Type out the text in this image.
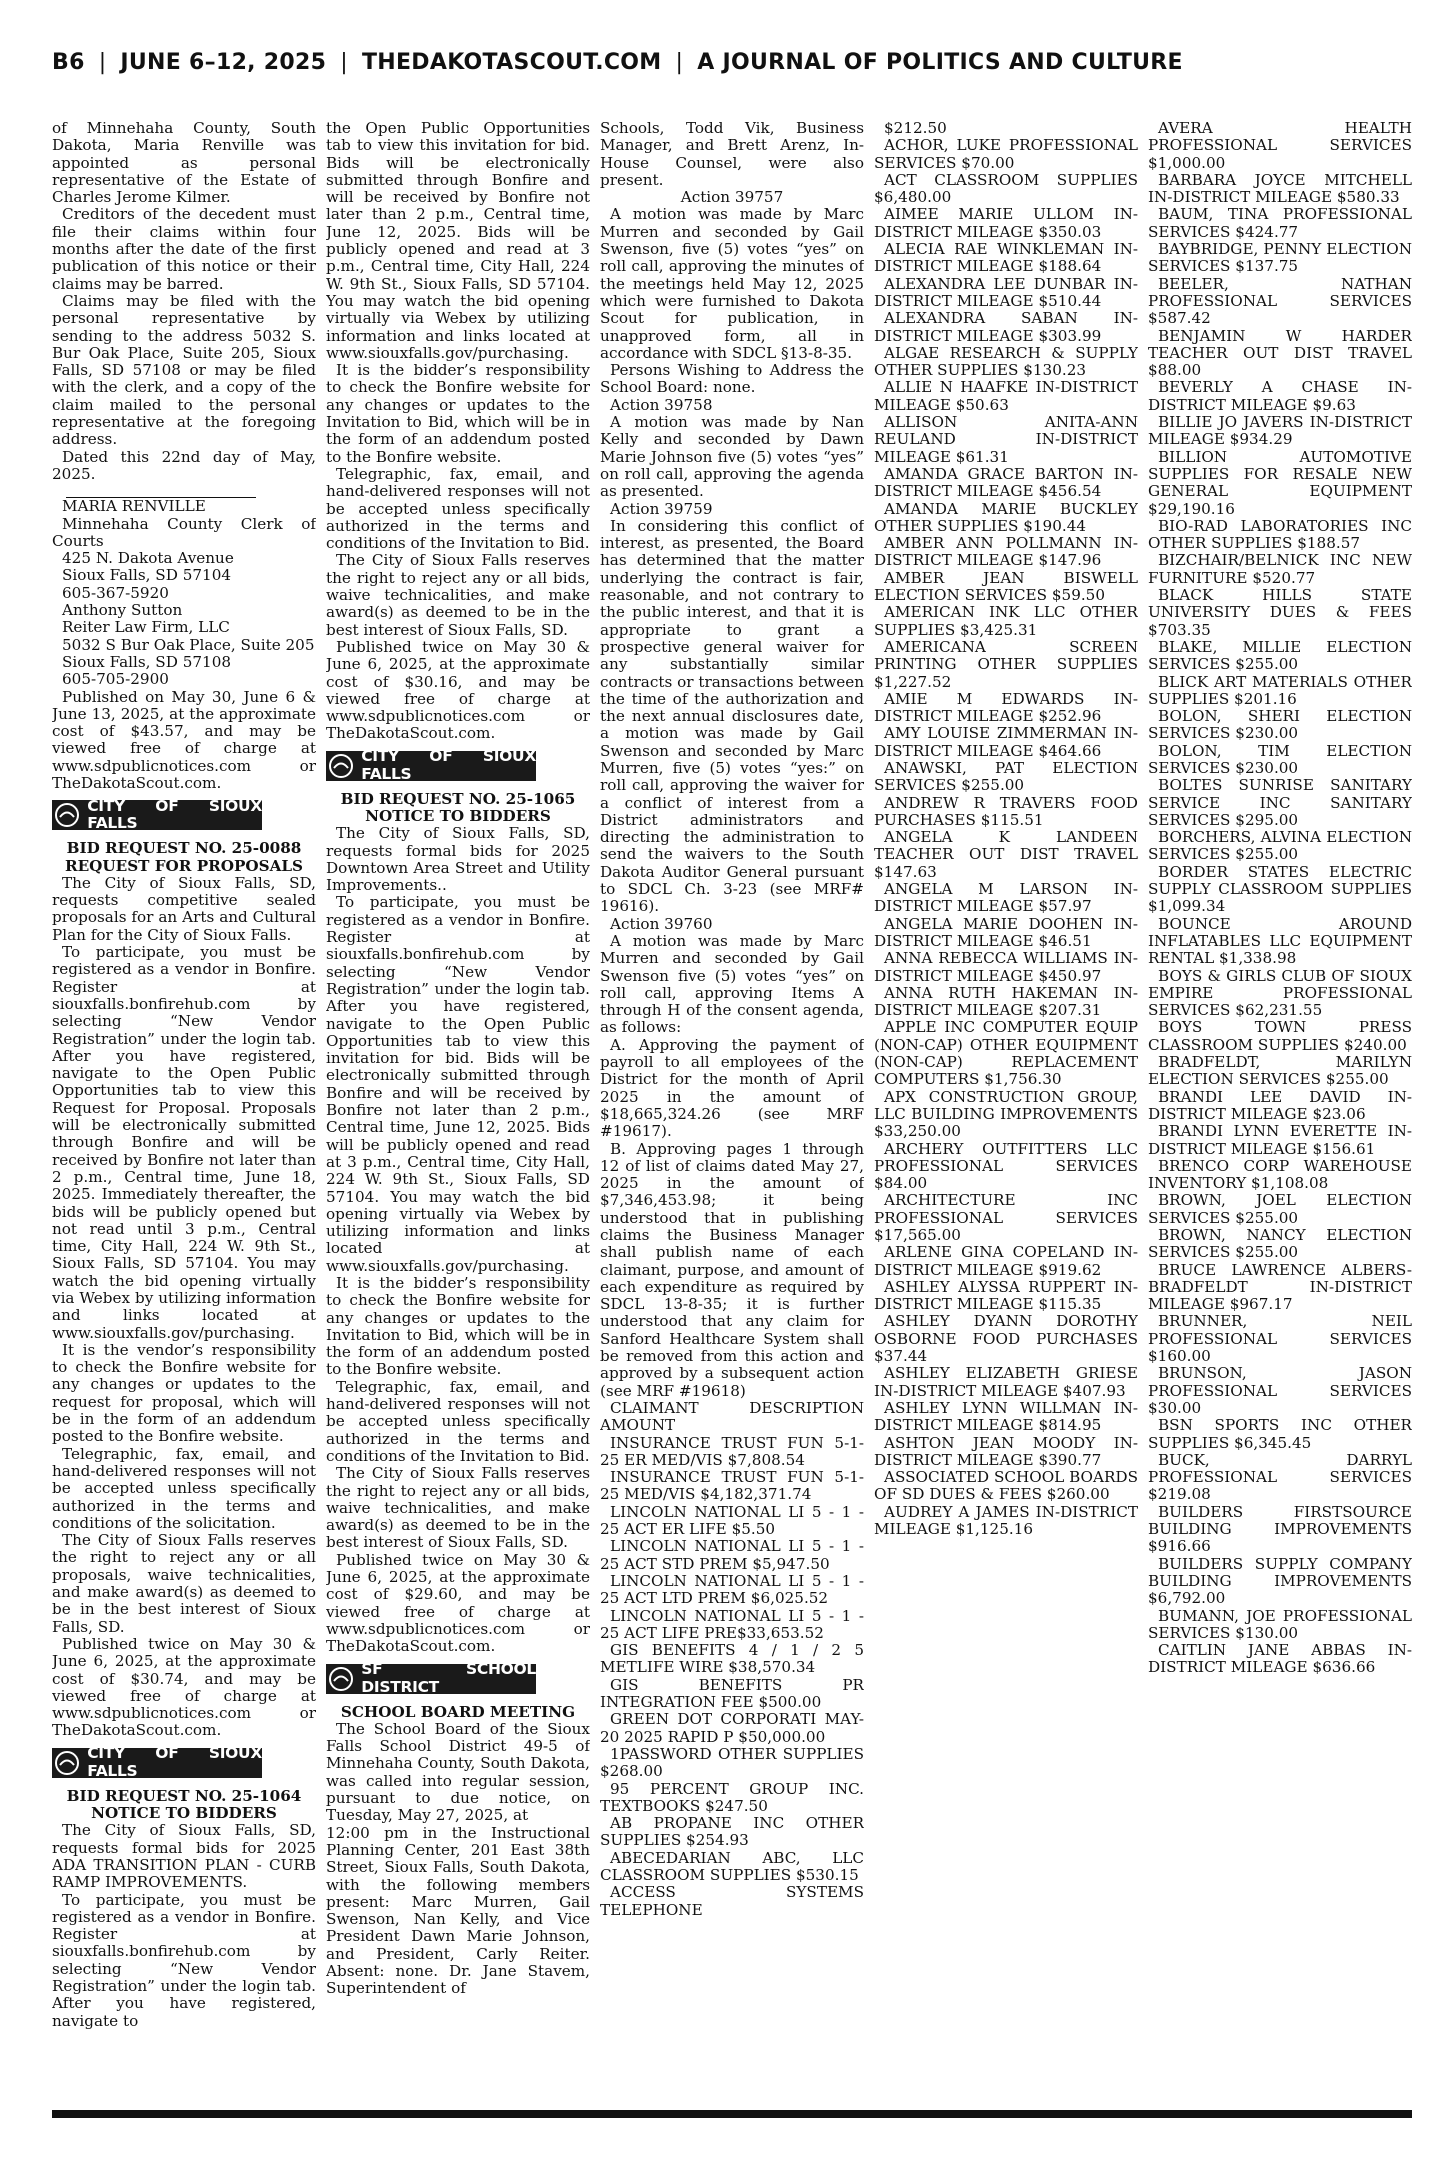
B6 | JUNE 6–12, 2025 | THEDAKOTASCOUT.COM | A JOURNAL OF POLITICS AND CULTURE

of Minnehaha County, South Dakota, Maria Renville was appointed as personal representative of the Estate of Charles Jerome Kilmer.

Creditors of the decedent must file their claims within four months after the date of the first publication of this notice or their claims may be barred.

Claims may be filed with the personal representative by sending to the address 5032 S. Bur Oak Place, Suite 205, Sioux Falls, SD 57108 or may be filed with the clerk, and a copy of the claim mailed to the personal representative at the foregoing address.

Dated this 22nd day of May, 2025.

MARIA RENVILLE

Minnehaha County Clerk of Courts

425 N. Dakota Avenue

Sioux Falls, SD 57104

605-367-5920

Anthony Sutton

Reiter Law Firm, LLC

5032 S Bur Oak Place, Suite 205

Sioux Falls, SD 57108

605-705-2900

Published on May 30, June 6 & June 13, 2025, at the approximate cost of $43.57, and may be viewed free of charge at www.sdpublicnotices.com or TheDakotaScout.com.

CITY OF SIOUX FALLS

BID REQUEST NO. 25-0088

REQUEST FOR PROPOSALS

The City of Sioux Falls, SD, requests competitive sealed proposals for an Arts and Cultural Plan for the City of Sioux Falls.

To participate, you must be registered as a vendor in Bonfire. Register at siouxfalls.bonfirehub.com by selecting “New Vendor Registration” under the login tab. After you have registered, navigate to the Open Public Opportunities tab to view this Request for Proposal. Proposals will be electronically submitted through Bonfire and will be received by Bonfire not later than 2 p.m., Central time, June 18, 2025. Immediately thereafter, the bids will be publicly opened but not read until 3 p.m., Central time, City Hall, 224 W. 9th St., Sioux Falls, SD 57104. You may watch the bid opening virtually via Webex by utilizing information and links located at www.siouxfalls.gov/purchasing.

It is the vendor’s responsibility to check the Bonfire website for any changes or updates to the request for proposal, which will be in the form of an addendum posted to the Bonfire website.

Telegraphic, fax, email, and hand-delivered responses will not be accepted unless specifically authorized in the terms and conditions of the solicitation.

The City of Sioux Falls reserves the right to reject any or all proposals, waive technicalities, and make award(s) as deemed to be in the best interest of Sioux Falls, SD.

Published twice on May 30 & June 6, 2025, at the approximate cost of $30.74, and may be viewed free of charge at www.sdpublicnotices.com or TheDakotaScout.com.

CITY OF SIOUX FALLS

BID REQUEST NO. 25-1064

NOTICE TO BIDDERS

The City of Sioux Falls, SD, requests formal bids for 2025 ADA TRANSITION PLAN - CURB RAMP IMPROVEMENTS.

To participate, you must be registered as a vendor in Bonfire. Register at siouxfalls.bonfirehub.com by selecting “New Vendor Registration” under the login tab. After you have registered, navigate to

the Open Public Opportunities tab to view this invitation for bid. Bids will be electronically submitted through Bonfire and will be received by Bonfire not later than 2 p.m., Central time, June 12, 2025. Bids will be publicly opened and read at 3 p.m., Central time, City Hall, 224 W. 9th St., Sioux Falls, SD 57104. You may watch the bid opening virtually via Webex by utilizing information and links located at www.siouxfalls.gov/purchasing.

It is the bidder’s responsibility to check the Bonfire website for any changes or updates to the Invitation to Bid, which will be in the form of an addendum posted to the Bonfire website.

Telegraphic, fax, email, and hand-delivered responses will not be accepted unless specifically authorized in the terms and conditions of the Invitation to Bid.

The City of Sioux Falls reserves the right to reject any or all bids, waive technicalities, and make award(s) as deemed to be in the best interest of Sioux Falls, SD.

Published twice on May 30 & June 6, 2025, at the approximate cost of $30.16, and may be viewed free of charge at www.sdpublicnotices.com or TheDakotaScout.com.

CITY OF SIOUX FALLS

BID REQUEST NO. 25-1065

NOTICE TO BIDDERS

The City of Sioux Falls, SD, requests formal bids for 2025 Downtown Area Street and Utility Improvements..

To participate, you must be registered as a vendor in Bonfire. Register at siouxfalls.bonfirehub.com by selecting “New Vendor Registration” under the login tab. After you have registered, navigate to the Open Public Opportunities tab to view this invitation for bid. Bids will be electronically submitted through Bonfire and will be received by Bonfire not later than 2 p.m., Central time, June 12, 2025. Bids will be publicly opened and read at 3 p.m., Central time, City Hall, 224 W. 9th St., Sioux Falls, SD 57104. You may watch the bid opening virtually via Webex by utilizing information and links located at www.siouxfalls.gov/purchasing.

It is the bidder’s responsibility to check the Bonfire website for any changes or updates to the Invitation to Bid, which will be in the form of an addendum posted to the Bonfire website.

Telegraphic, fax, email, and hand-delivered responses will not be accepted unless specifically authorized in the terms and conditions of the Invitation to Bid.

The City of Sioux Falls reserves the right to reject any or all bids, waive technicalities, and make award(s) as deemed to be in the best interest of Sioux Falls, SD.

Published twice on May 30 & June 6, 2025, at the approximate cost of $29.60, and may be viewed free of charge at www.sdpublicnotices.com or TheDakotaScout.com.

SF SCHOOL DISTRICT

SCHOOL BOARD MEETING

The School Board of the Sioux Falls School District 49-5 of Minnehaha County, South Dakota, was called into regular session, pursuant to due notice, on Tuesday, May 27, 2025, at

12:00 pm in the Instructional Planning Center, 201 East 38th Street, Sioux Falls, South Dakota, with the following members present: Marc Murren, Gail Swenson, Nan Kelly, and Vice President Dawn Marie Johnson, and President, Carly Reiter. Absent: none. Dr. Jane Stavem, Superintendent of

Schools, Todd Vik, Business Manager, and Brett Arenz, In-House Counsel, were also present.

Action 39757

A motion was made by Marc Murren and seconded by Gail Swenson, five (5) votes “yes” on roll call, approving the minutes of the meetings held May 12, 2025 which were furnished to Dakota Scout for publication, in unapproved form, all in accordance with SDCL §13-8-35.

Persons Wishing to Address the School Board: none.

Action 39758

A motion was made by Nan Kelly and seconded by Dawn Marie Johnson five (5) votes “yes” on roll call, approving the agenda as presented.

Action 39759

In considering this conflict of interest, as presented, the Board has determined that the matter underlying the contract is fair, reasonable, and not contrary to the public interest, and that it is appropriate to grant a prospective general waiver for any substantially similar contracts or transactions between the time of the authorization and the next annual disclosures date, a motion was made by Gail Swenson and seconded by Marc Murren, five (5) votes “yes:” on roll call, approving the waiver for a conflict of interest from a District administrators and directing the administration to send the waivers to the South Dakota Auditor General pursuant to SDCL Ch. 3-23 (see MRF# 19616).

Action 39760

A motion was made by Marc Murren and seconded by Gail Swenson five (5) votes “yes” on roll call, approving Items A through H of the consent agenda, as follows:

A. Approving the payment of payroll to all employees of the District for the month of April 2025 in the amount of $18,665,324.26 (see MRF #19617).

B. Approving pages 1 through 12 of list of claims dated May 27, 2025 in the amount of $7,346,453.98; it being understood that in publishing claims the Business Manager shall publish name of each claimant, purpose, and amount of each expenditure as required by SDCL 13-8-35; it is further understood that any claim for Sanford Healthcare System shall be removed from this action and approved by a subsequent action (see MRF #19618)

CLAIMANT DESCRIPTION AMOUNT

INSURANCE TRUST FUN 5-1-25 ER MED/VIS $7,808.54

INSURANCE TRUST FUN 5-1-25 MED/VIS $4,182,371.74

LINCOLN NATIONAL LI 5 - 1 - 25 ACT ER LIFE $5.50

LINCOLN NATIONAL LI 5 - 1 - 25 ACT STD PREM $5,947.50

LINCOLN NATIONAL LI 5 - 1 - 25 ACT LTD PREM $6,025.52

LINCOLN NATIONAL LI 5 - 1 - 25 ACT LIFE PRE$33,653.52

GIS BENEFITS 4 / 1 / 2 5 METLIFE WIRE $38,570.34

GIS BENEFITS PR INTEGRATION FEE $500.00

GREEN DOT CORPORATI MAY-20 2025 RAPID P $50,000.00

1PASSWORD OTHER SUPPLIES $268.00

95 PERCENT GROUP INC. TEXTBOOKS $247.50

AB PROPANE INC OTHER SUPPLIES $254.93

ABECEDARIAN ABC, LLC CLASSROOM SUPPLIES $530.15

ACCESS SYSTEMS TELEPHONE

$212.50

ACHOR, LUKE PROFESSIONAL SERVICES $70.00

ACT CLASSROOM SUPPLIES $6,480.00

AIMEE MARIE ULLOM IN-DISTRICT MILEAGE $350.03

ALECIA RAE WINKLEMAN IN-DISTRICT MILEAGE $188.64

ALEXANDRA LEE DUNBAR IN-DISTRICT MILEAGE $510.44

ALEXANDRA SABAN IN-DISTRICT MILEAGE $303.99

ALGAE RESEARCH & SUPPLY OTHER SUPPLIES $130.23

ALLIE N HAAFKE IN-DISTRICT MILEAGE $50.63

ALLISON ANITA-ANN REULAND IN-DISTRICT MILEAGE $61.31

AMANDA GRACE BARTON IN-DISTRICT MILEAGE $456.54

AMANDA MARIE BUCKLEY OTHER SUPPLIES $190.44

AMBER ANN POLLMANN IN-DISTRICT MILEAGE $147.96

AMBER JEAN BISWELL ELECTION SERVICES $59.50

AMERICAN INK LLC OTHER SUPPLIES $3,425.31

AMERICANA SCREEN PRINTING OTHER SUPPLIES $1,227.52

AMIE M EDWARDS IN-DISTRICT MILEAGE $252.96

AMY LOUISE ZIMMERMAN IN-DISTRICT MILEAGE $464.66

ANAWSKI, PAT ELECTION SERVICES $255.00

ANDREW R TRAVERS FOOD PURCHASES $115.51

ANGELA K LANDEEN TEACHER OUT DIST TRAVEL $147.63

ANGELA M LARSON IN-DISTRICT MILEAGE $57.97

ANGELA MARIE DOOHEN IN-DISTRICT MILEAGE $46.51

ANNA REBECCA WILLIAMS IN-DISTRICT MILEAGE $450.97

ANNA RUTH HAKEMAN IN-DISTRICT MILEAGE $207.31

APPLE INC COMPUTER EQUIP (NON-CAP) OTHER EQUIPMENT (NON-CAP) REPLACEMENT COMPUTERS $1,756.30

APX CONSTRUCTION GROUP, LLC BUILDING IMPROVEMENTS $33,250.00

ARCHERY OUTFITTERS LLC PROFESSIONAL SERVICES $84.00

ARCHITECTURE INC PROFESSIONAL SERVICES $17,565.00

ARLENE GINA COPELAND IN-DISTRICT MILEAGE $919.62

ASHLEY ALYSSA RUPPERT IN-DISTRICT MILEAGE $115.35

ASHLEY DYANN DOROTHY OSBORNE FOOD PURCHASES $37.44

ASHLEY ELIZABETH GRIESE IN-DISTRICT MILEAGE $407.93

ASHLEY LYNN WILLMAN IN-DISTRICT MILEAGE $814.95

ASHTON JEAN MOODY IN-DISTRICT MILEAGE $390.77

ASSOCIATED SCHOOL BOARDS OF SD DUES & FEES $260.00

AUDREY A JAMES IN-DISTRICT MILEAGE $1,125.16

AVERA HEALTH PROFESSIONAL SERVICES $1,000.00

BARBARA JOYCE MITCHELL IN-DISTRICT MILEAGE $580.33

BAUM, TINA PROFESSIONAL SERVICES $424.77

BAYBRIDGE, PENNY ELECTION SERVICES $137.75

BEELER, NATHAN PROFESSIONAL SERVICES $587.42

BENJAMIN W HARDER TEACHER OUT DIST TRAVEL $88.00

BEVERLY A CHASE IN-DISTRICT MILEAGE $9.63

BILLIE JO JAVERS IN-DISTRICT MILEAGE $934.29

BILLION AUTOMOTIVE SUPPLIES FOR RESALE NEW GENERAL EQUIPMENT $29,190.16

BIO-RAD LABORATORIES INC OTHER SUPPLIES $188.57

BIZCHAIR/BELNICK INC NEW FURNITURE $520.77

BLACK HILLS STATE UNIVERSITY DUES & FEES $703.35

BLAKE, MILLIE ELECTION SERVICES $255.00

BLICK ART MATERIALS OTHER SUPPLIES $201.16

BOLON, SHERI ELECTION SERVICES $230.00

BOLON, TIM ELECTION SERVICES $230.00

BOLTES SUNRISE SANITARY SERVICE INC SANITARY SERVICES $295.00

BORCHERS, ALVINA ELECTION SERVICES $255.00

BORDER STATES ELECTRIC SUPPLY CLASSROOM SUPPLIES $1,099.34

BOUNCE AROUND INFLATABLES LLC EQUIPMENT RENTAL $1,338.98

BOYS & GIRLS CLUB OF SIOUX EMPIRE PROFESSIONAL SERVICES $62,231.55

BOYS TOWN PRESS CLASSROOM SUPPLIES $240.00

BRADFELDT, MARILYN ELECTION SERVICES $255.00

BRANDI LEE DAVID IN-DISTRICT MILEAGE $23.06

BRANDI LYNN EVERETTE IN-DISTRICT MILEAGE $156.61

BRENCO CORP WAREHOUSE INVENTORY $1,108.08

BROWN, JOEL ELECTION SERVICES $255.00

BROWN, NANCY ELECTION SERVICES $255.00

BRUCE LAWRENCE ALBERS-BRADFELDT IN-DISTRICT MILEAGE $967.17

BRUNNER, NEIL PROFESSIONAL SERVICES $160.00

BRUNSON, JASON PROFESSIONAL SERVICES $30.00

BSN SPORTS INC OTHER SUPPLIES $6,345.45

BUCK, DARRYL PROFESSIONAL SERVICES $219.08

BUILDERS FIRSTSOURCE BUILDING IMPROVEMENTS $916.66

BUILDERS SUPPLY COMPANY BUILDING IMPROVEMENTS $6,792.00

BUMANN, JOE PROFESSIONAL SERVICES $130.00

CAITLIN JANE ABBAS IN-DISTRICT MILEAGE $636.66
